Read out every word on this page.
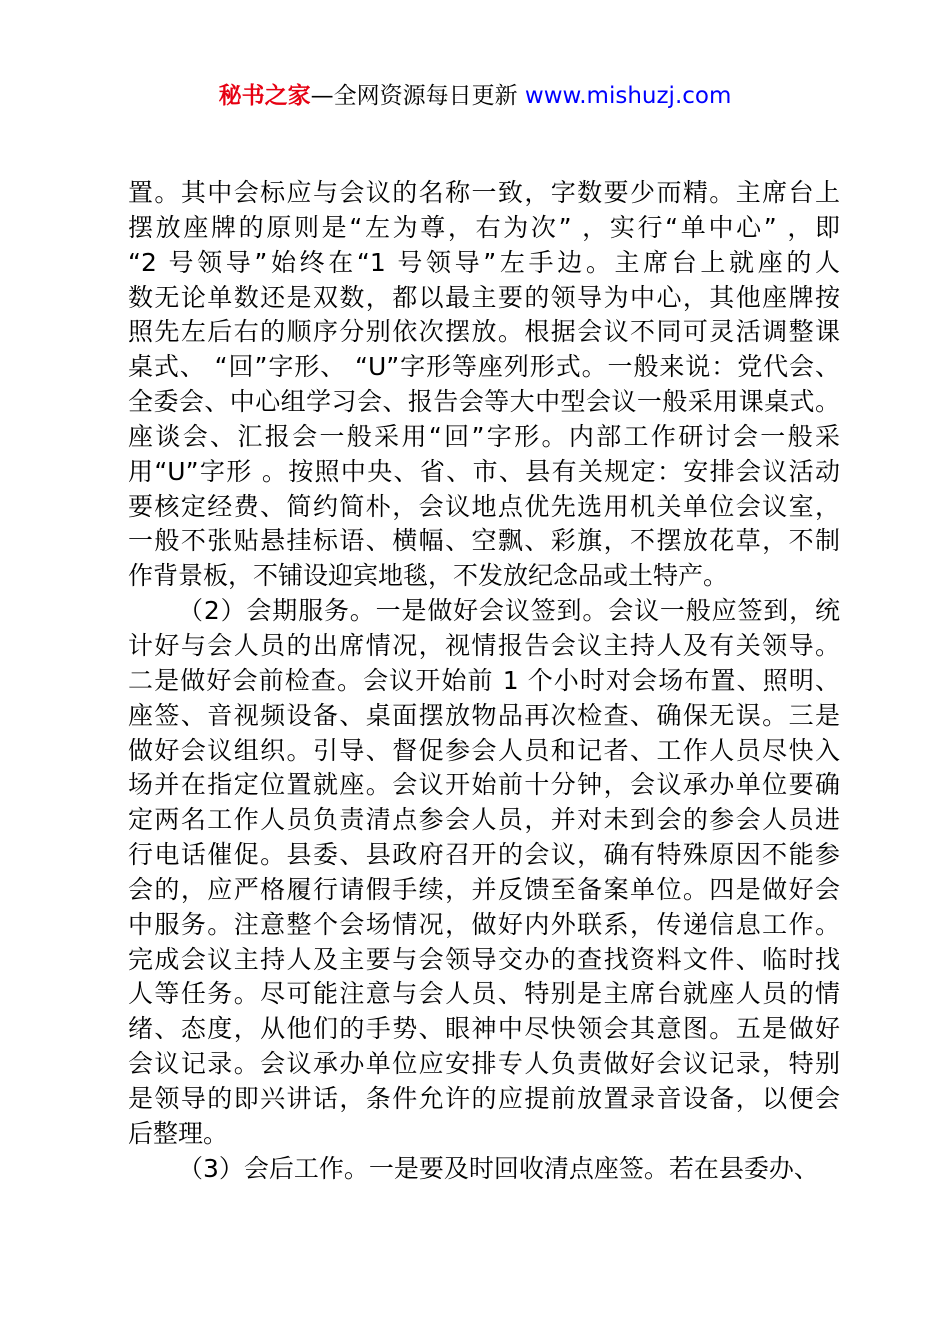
秘书之家—全网资源每日更新 www.mishuzj.com

置。其中会标应与会议的名称一致，字数要少而精。主席台上
摆放座牌的原则是“左为尊，右为次” ，实行“单中心” ，即
“2 号领导”始终在“1 号领导”左手边。主席台上就座的人
数无论单数还是双数，都以最主要的领导为中心，其他座牌按
照先左后右的顺序分别依次摆放。根据会议不同可灵活调整课
桌式、 “回”字形、 “U”字形等座列形式。一般来说：党代会、
全委会、中心组学习会、报告会等大中型会议一般采用课桌式。
座谈会、汇报会一般采用“回”字形。内部工作研讨会一般采
用“U”字形 。按照中央、省、市、县有关规定：安排会议活动
要核定经费、简约简朴，会议地点优先选用机关单位会议室，
一般不张贴悬挂标语、横幅、空飘、彩旗，不摆放花草，不制
作背景板，不铺设迎宾地毯，不发放纪念品或土特产。

（2）会期服务。一是做好会议签到。会议一般应签到，统
计好与会人员的出席情况，视情报告会议主持人及有关领导。
二是做好会前检查。会议开始前 1 个小时对会场布置、照明、
座签、音视频设备、桌面摆放物品再次检查、确保无误。三是
做好会议组织。引导、督促参会人员和记者、工作人员尽快入
场并在指定位置就座。会议开始前十分钟，会议承办单位要确
定两名工作人员负责清点参会人员，并对未到会的参会人员进
行电话催促。县委、县政府召开的会议，确有特殊原因不能参
会的，应严格履行请假手续，并反馈至备案单位。四是做好会
中服务。注意整个会场情况，做好内外联系，传递信息工作。
完成会议主持人及主要与会领导交办的查找资料文件、临时找
人等任务。尽可能注意与会人员、特别是主席台就座人员的情
绪、态度，从他们的手势、眼神中尽快领会其意图。五是做好
会议记录。会议承办单位应安排专人负责做好会议记录，特别
是领导的即兴讲话，条件允许的应提前放置录音设备，以便会
后整理。

（3）会后工作。一是要及时回收清点座签。若在县委办、
